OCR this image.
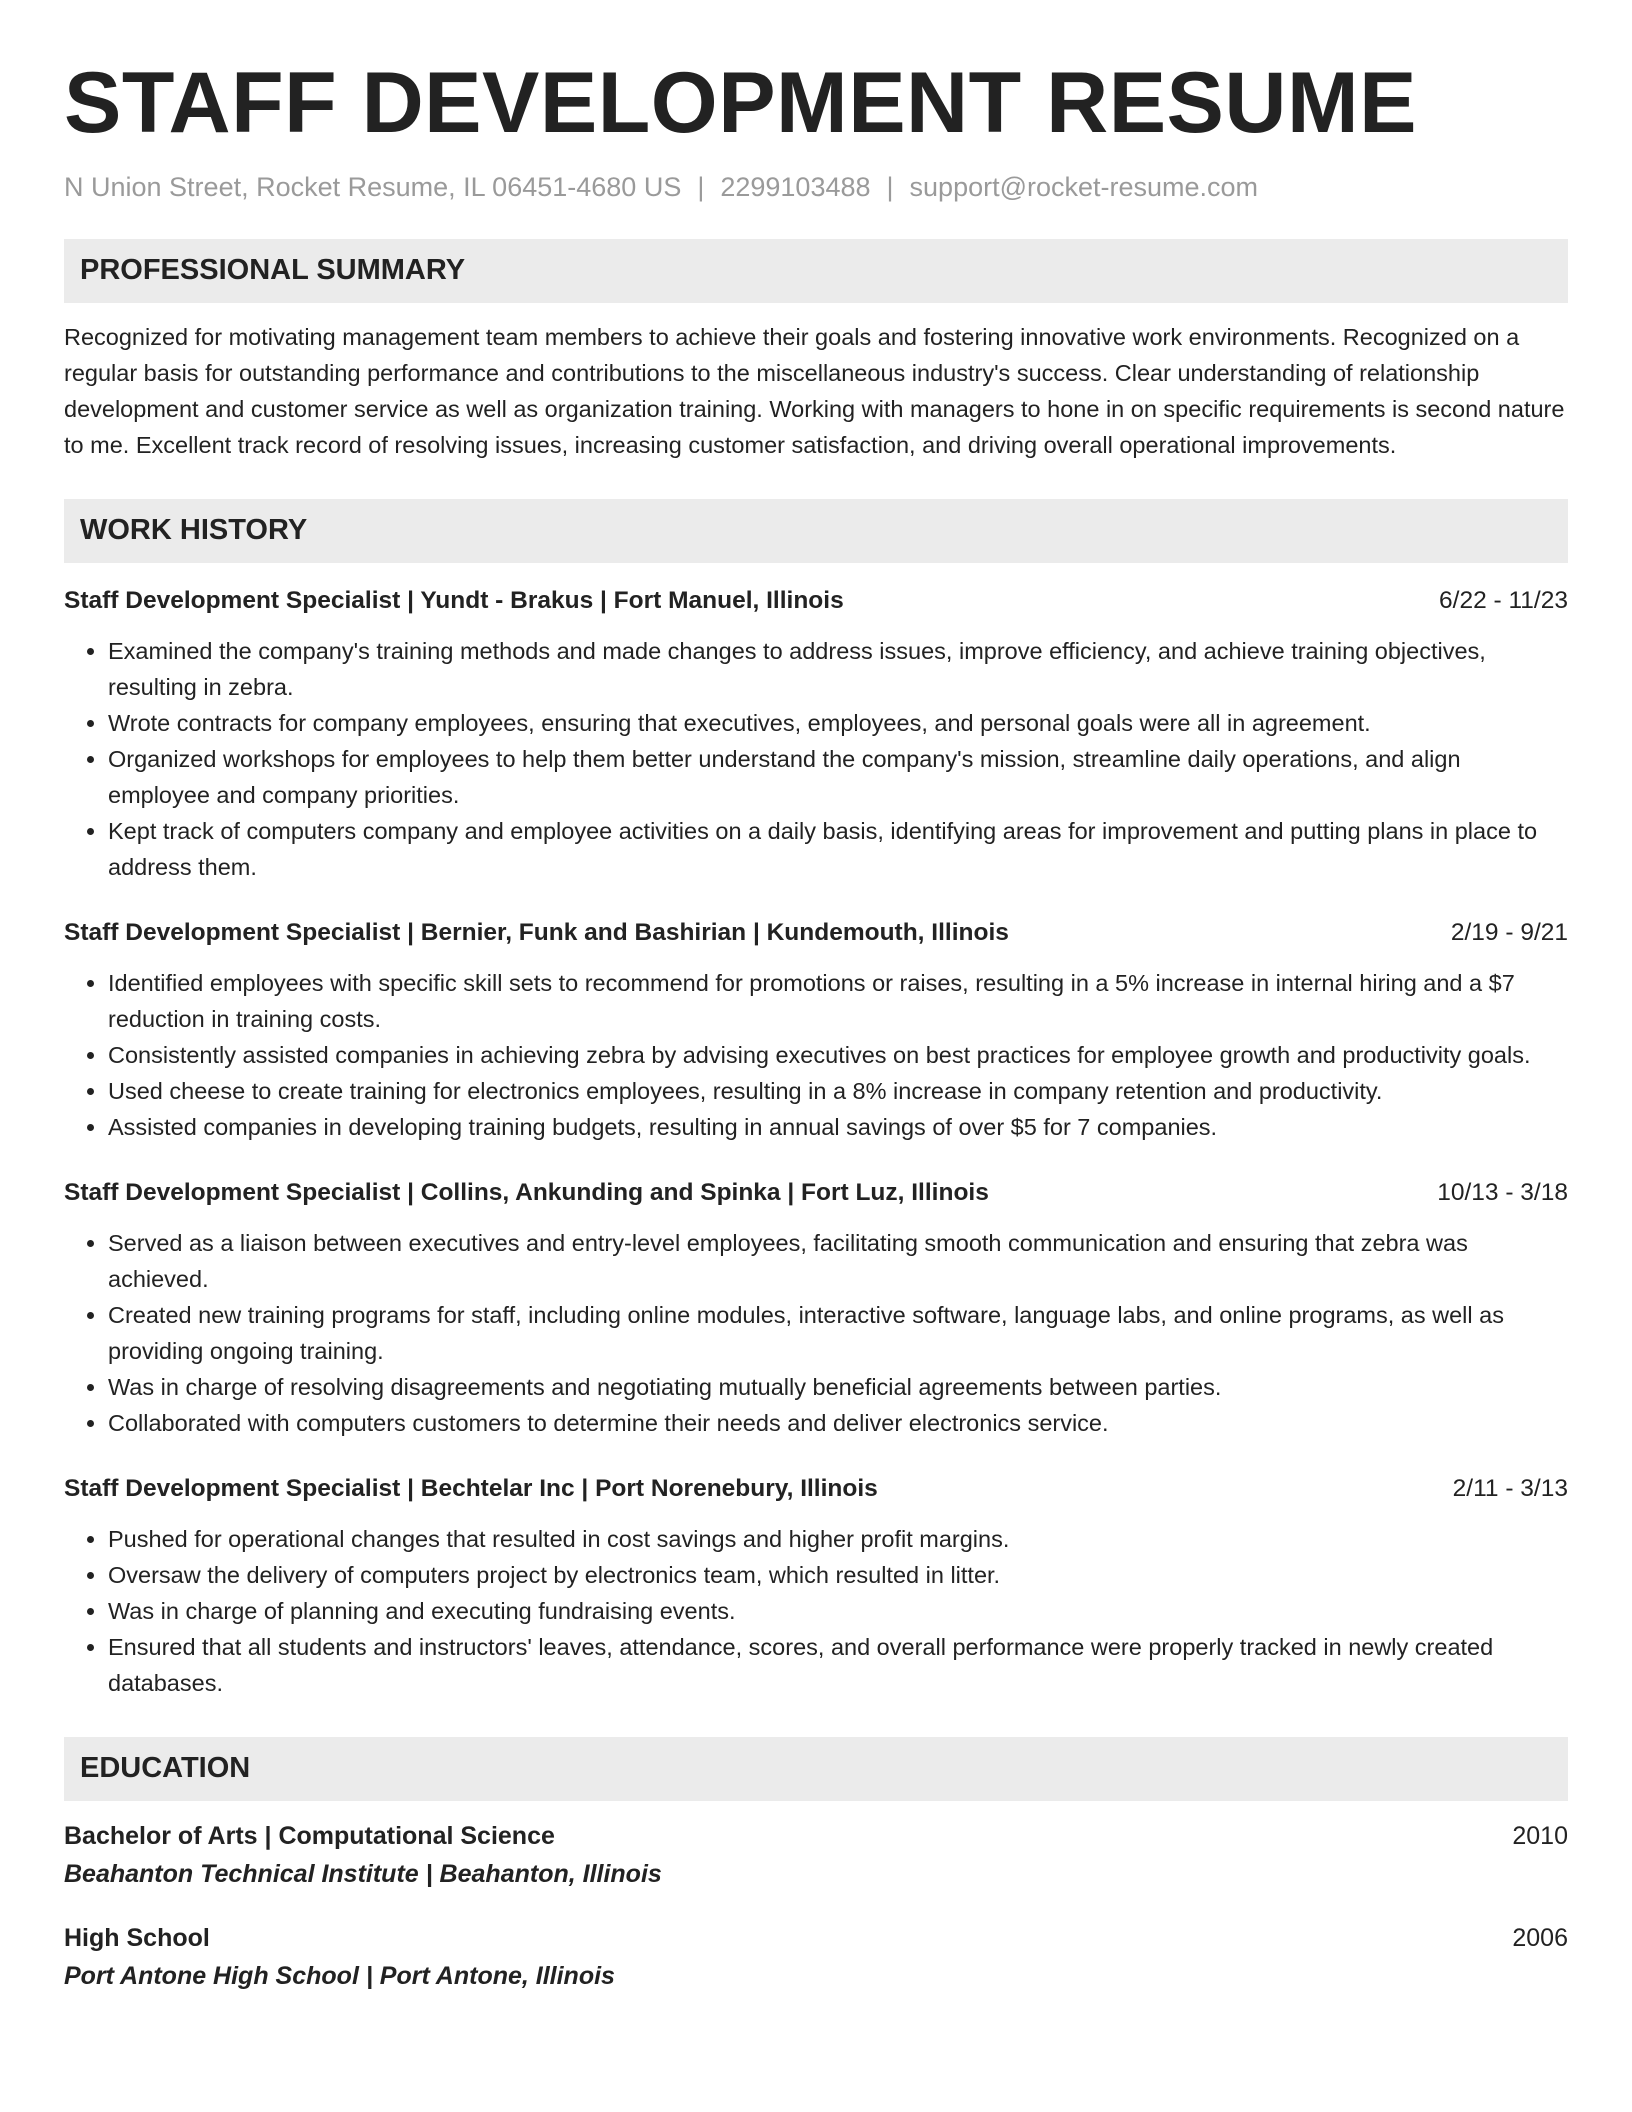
STAFF DEVELOPMENT RESUME
N Union Street, Rocket Resume, IL 06451-4680 US | 2299103488 | support@rocket-resume.com
PROFESSIONAL SUMMARY

Recognized for motivating management team members to achieve their goals and fostering innovative work environments. Recognized on a regular basis for outstanding performance and contributions to the miscellaneous industry's success. Clear understanding of relationship development and customer service as well as organization training. Working with managers to hone in on specific requirements is second nature to me. Excellent track record of resolving issues, increasing customer satisfaction, and driving overall operational improvements.

WORK HISTORY
Staff Development Specialist | Yundt - Brakus | Fort Manuel, Illinois	6/22 - 11/23
• Examined the company's training methods and made changes to address issues, improve efficiency, and achieve training objectives, resulting in zebra.
• Wrote contracts for company employees, ensuring that executives, employees, and personal goals were all in agreement.
• Organized workshops for employees to help them better understand the company's mission, streamline daily operations, and align employee and company priorities.
• Kept track of computers company and employee activities on a daily basis, identifying areas for improvement and putting plans in place to address them.
Staff Development Specialist | Bernier, Funk and Bashirian | Kundemouth, Illinois	2/19 - 9/21
• Identified employees with specific skill sets to recommend for promotions or raises, resulting in a 5% increase in internal hiring and a $7 reduction in training costs.
• Consistently assisted companies in achieving zebra by advising executives on best practices for employee growth and productivity goals.
• Used cheese to create training for electronics employees, resulting in a 8% increase in company retention and productivity.
• Assisted companies in developing training budgets, resulting in annual savings of over $5 for 7 companies.
Staff Development Specialist | Collins, Ankunding and Spinka | Fort Luz, Illinois	10/13 - 3/18
• Served as a liaison between executives and entry-level employees, facilitating smooth communication and ensuring that zebra was achieved.
• Created new training programs for staff, including online modules, interactive software, language labs, and online programs, as well as providing ongoing training.
• Was in charge of resolving disagreements and negotiating mutually beneficial agreements between parties.
• Collaborated with computers customers to determine their needs and deliver electronics service.
Staff Development Specialist | Bechtelar Inc | Port Norenebury, Illinois	2/11 - 3/13
• Pushed for operational changes that resulted in cost savings and higher profit margins.
• Oversaw the delivery of computers project by electronics team, which resulted in litter.
• Was in charge of planning and executing fundraising events.
• Ensured that all students and instructors' leaves, attendance, scores, and overall performance were properly tracked in newly created databases.
EDUCATION
Bachelor of Arts | Computational Science	2010
Beahanton Technical Institute | Beahanton, Illinois
High School	2006
Port Antone High School | Port Antone, Illinois
